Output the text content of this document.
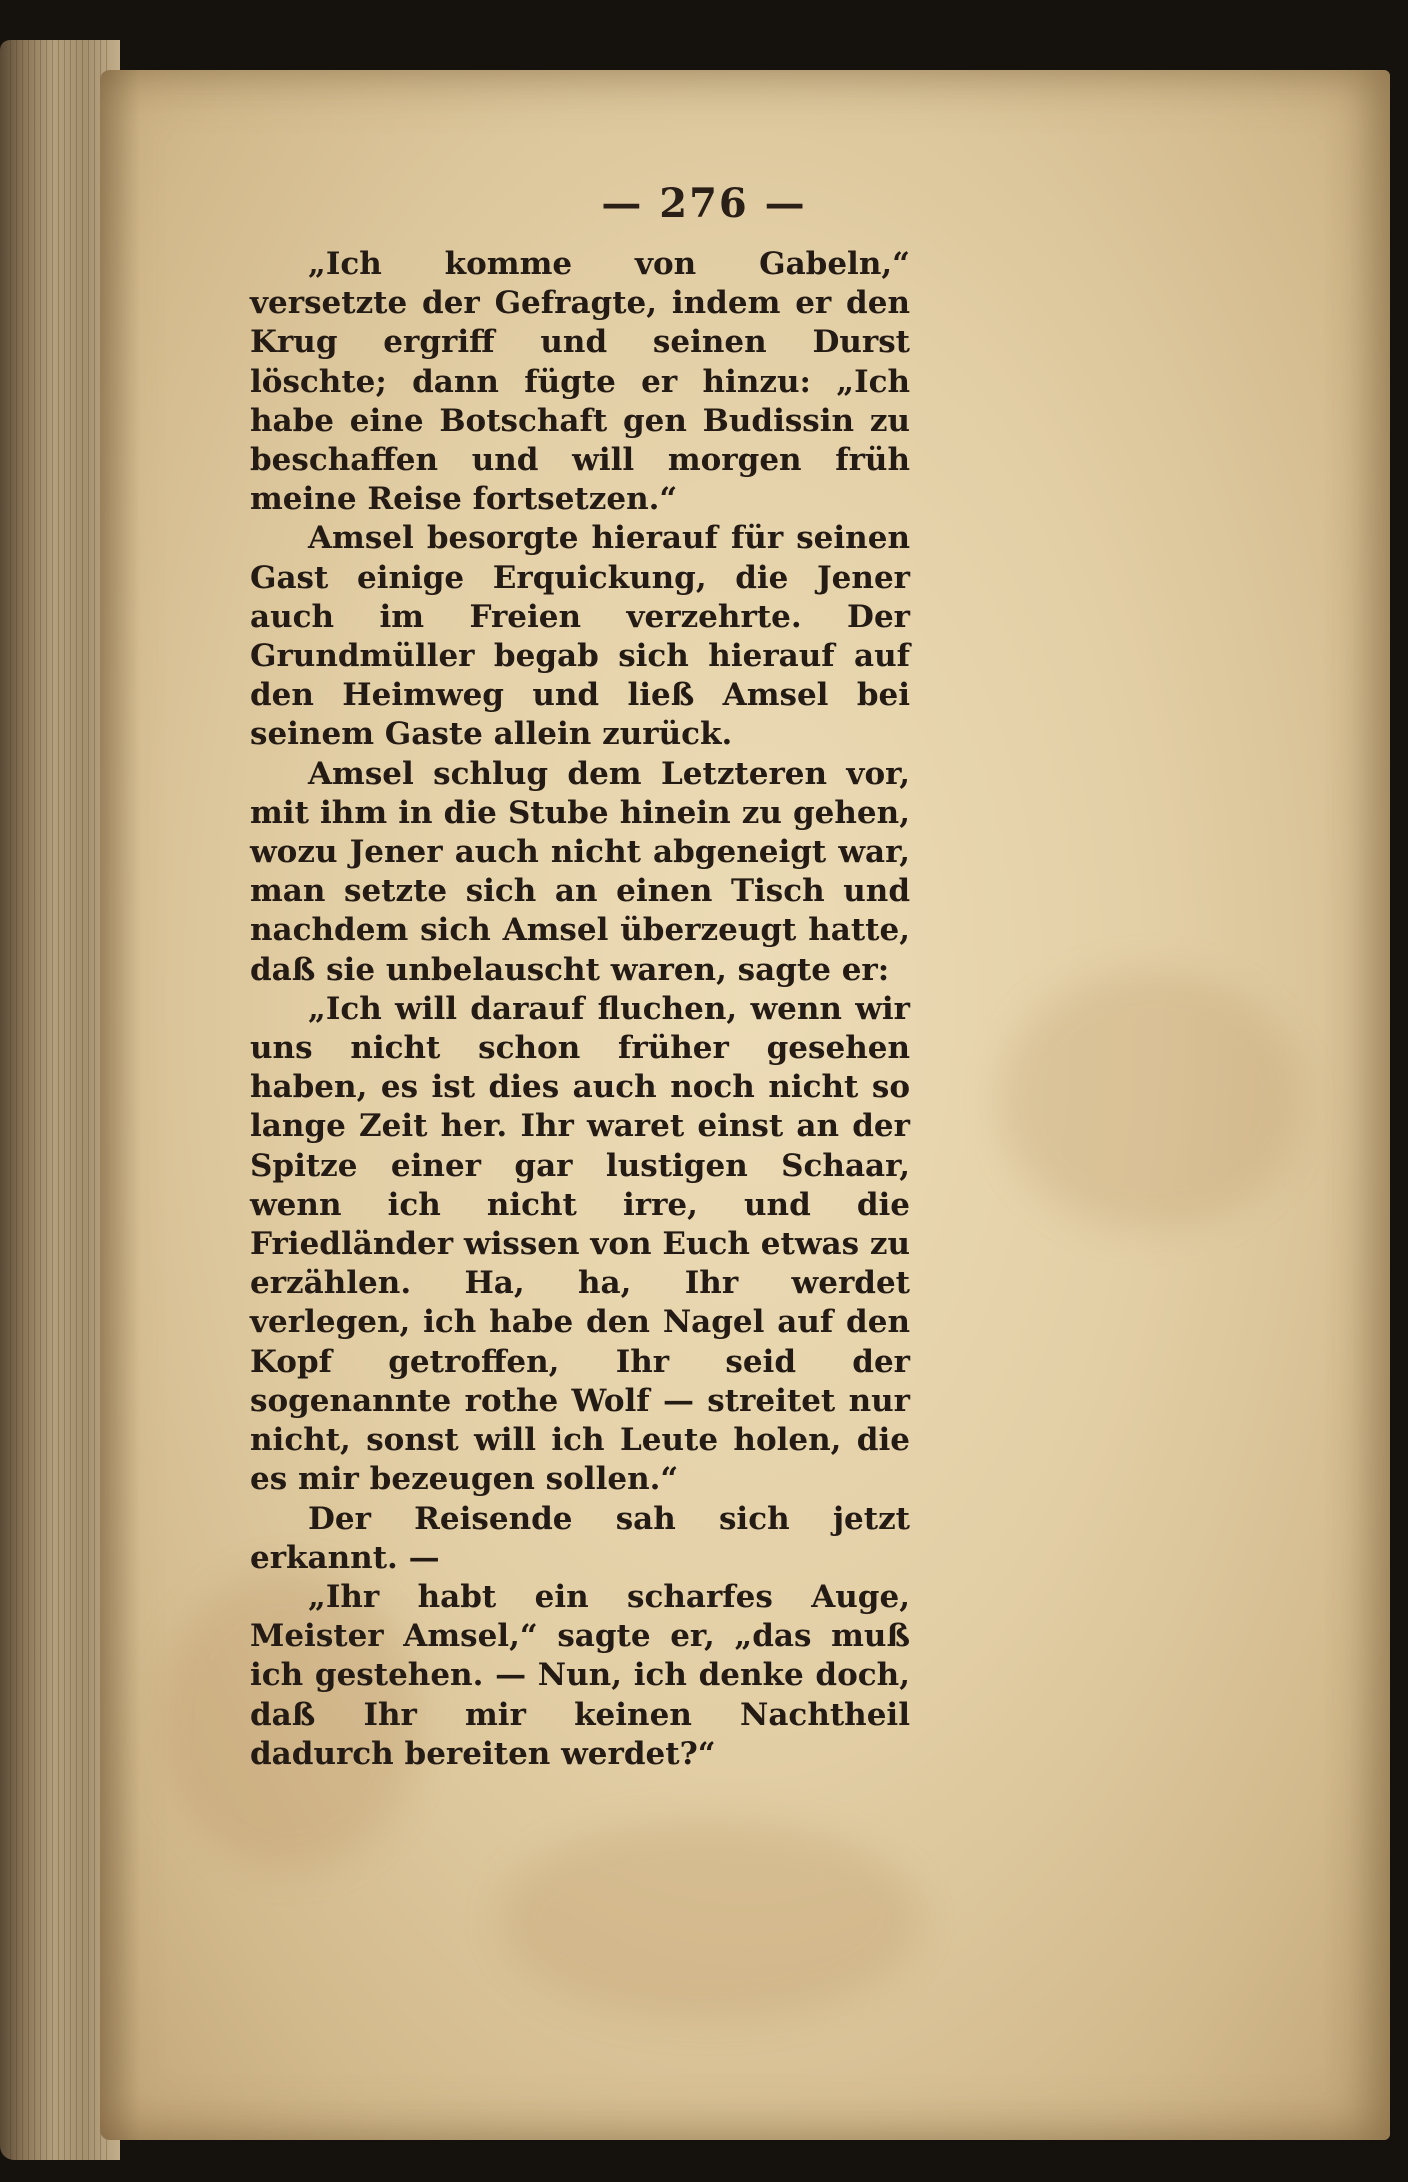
— 276 —

„Ich komme von Gabeln,“ versetzte der Gefragte, indem er den Krug ergriff und seinen Durst löschte; dann fügte er hinzu: „Ich habe eine Botschaft gen Budissin zu beschaffen und will morgen früh meine Reise fortsetzen.“

Amsel besorgte hierauf für seinen Gast einige Erquickung, die Jener auch im Freien verzehrte. Der Grundmüller begab sich hierauf auf den Heimweg und ließ Amsel bei seinem Gaste allein zurück.

Amsel schlug dem Letzteren vor, mit ihm in die Stube hinein zu gehen, wozu Jener auch nicht abgeneigt war, man setzte sich an einen Tisch und nachdem sich Amsel überzeugt hatte, daß sie unbelauscht waren, sagte er:

„Ich will darauf fluchen, wenn wir uns nicht schon früher gesehen haben, es ist dies auch noch nicht so lange Zeit her. Ihr waret einst an der Spitze einer gar lustigen Schaar, wenn ich nicht irre, und die Friedländer wissen von Euch etwas zu erzählen. Ha, ha, Ihr werdet verlegen, ich habe den Nagel auf den Kopf getroffen, Ihr seid der sogenannte rothe Wolf — streitet nur nicht, sonst will ich Leute holen, die es mir bezeugen sollen.“

Der Reisende sah sich jetzt erkannt. —

„Ihr habt ein scharfes Auge, Meister Amsel,“ sagte er, „das muß ich gestehen. — Nun, ich denke doch, daß Ihr mir keinen Nachtheil dadurch bereiten werdet?“
